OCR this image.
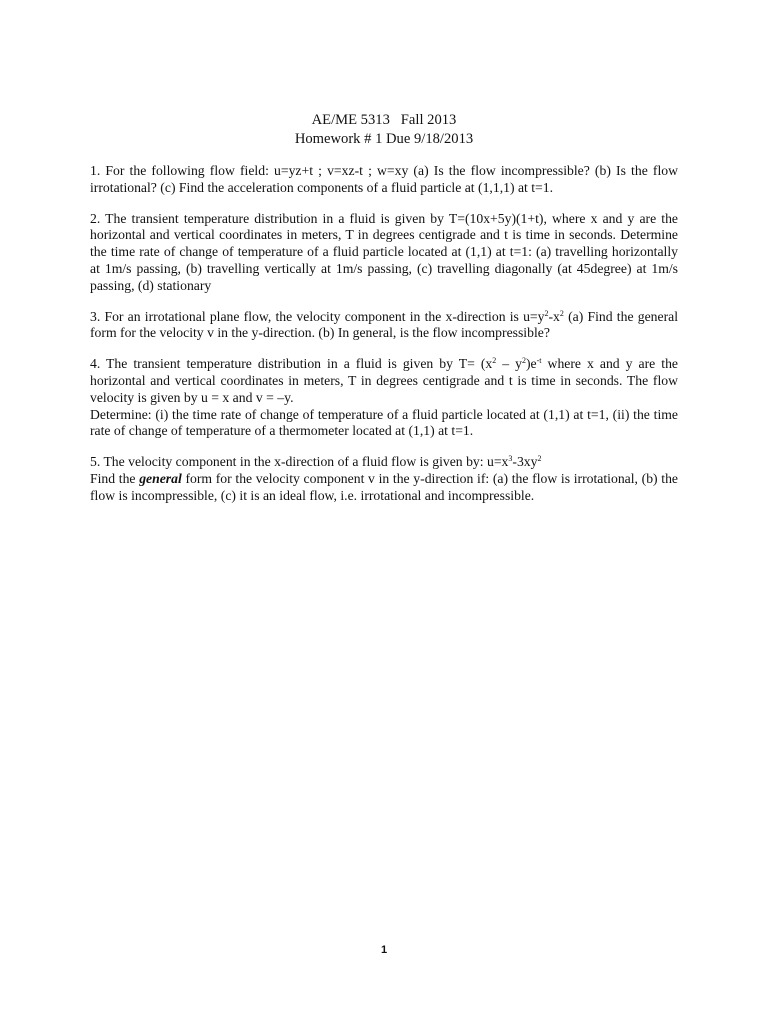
AE/ME 5313   Fall 2013
Homework # 1 Due 9/18/2013

1. For the following flow field: u=yz+t ; v=xz-t ; w=xy (a) Is the flow incompressible? (b) Is the flow irrotational? (c) Find the acceleration components of a fluid particle at (1,1,1) at t=1.

2. The transient temperature distribution in a fluid is given by T=(10x+5y)(1+t), where x and y are the horizontal and vertical coordinates in meters, T in degrees centigrade and t is time in seconds. Determine the time rate of change of temperature of a fluid particle located at (1,1) at t=1: (a) travelling horizontally at 1m/s passing, (b) travelling vertically at 1m/s passing, (c) travelling diagonally (at 45degree) at 1m/s passing, (d) stationary

3. For an irrotational plane flow, the velocity component in the x-direction is $u=y^2-x^2$ (a) Find the general form for the velocity v in the y-direction. (b) In general, is the flow incompressible?

4. The transient temperature distribution in a fluid is given by $T= (x^2 - y^2)e^{-t}$ where x and y are the horizontal and vertical coordinates in meters, T in degrees centigrade and t is time in seconds. The flow velocity is given by u = x and v = –y.
Determine: (i) the time rate of change of temperature of a fluid particle located at (1,1) at t=1, (ii) the time rate of change of temperature of a thermometer located at (1,1) at t=1.

5. The velocity component in the x-direction of a fluid flow is given by: $u=x^3-3xy^2$
Find the general form for the velocity component v in the y-direction if: (a) the flow is irrotational, (b) the flow is incompressible, (c) it is an ideal flow, i.e. irrotational and incompressible.

1
